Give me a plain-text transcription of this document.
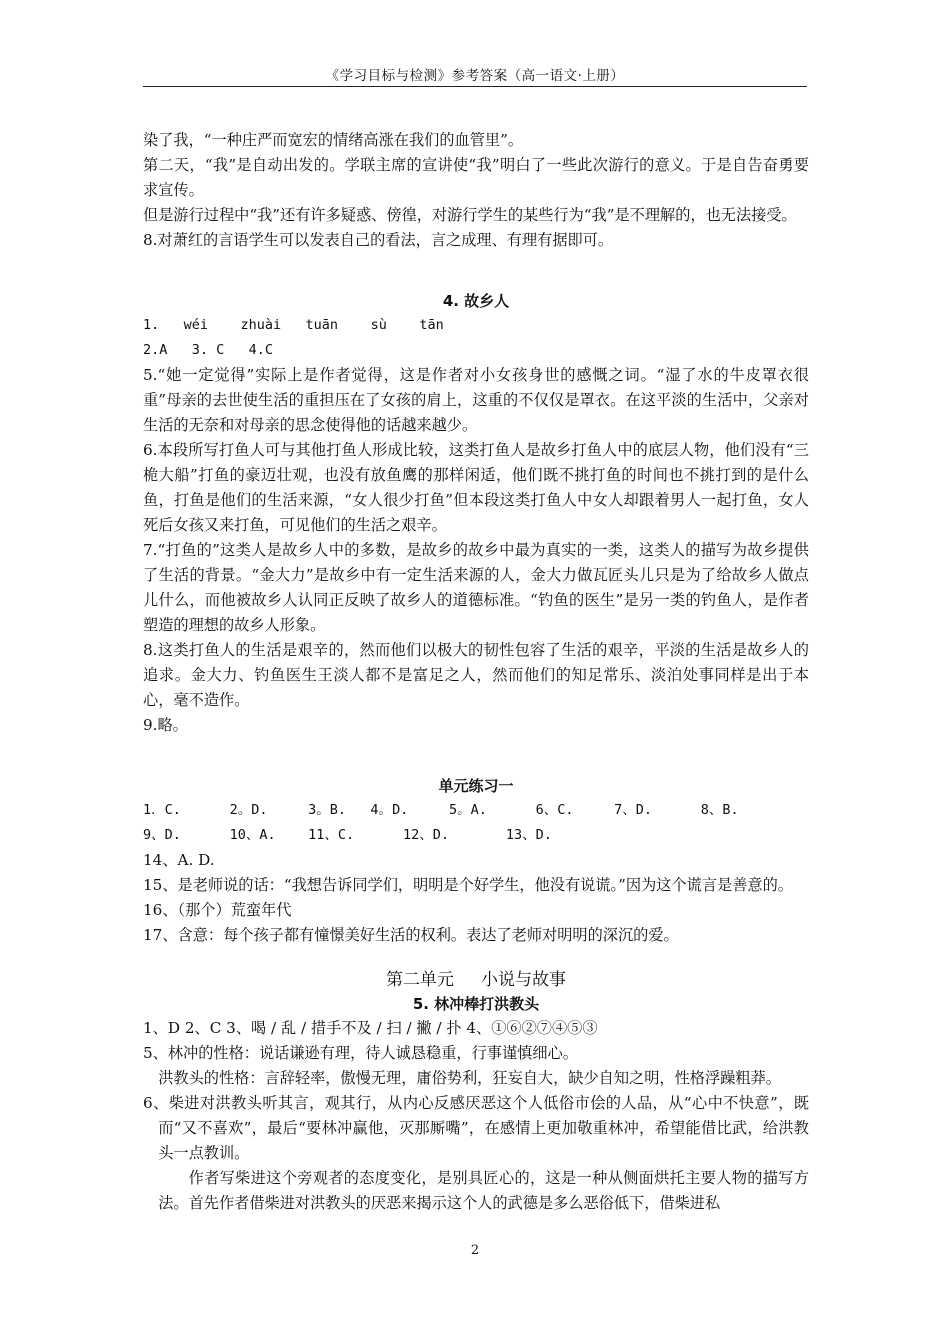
《学习目标与检测》参考答案（高一语文·上册）

染了我，“一种庄严而宽宏的情绪高涨在我们的血管里”。

第二天，“我”是自动出发的。学联主席的宣讲使“我”明白了一些此次游行的意义。于是自告奋勇要求宣传。

但是游行过程中“我”还有许多疑惑、傍徨，对游行学生的某些行为“我”是不理解的，也无法接受。

8.对萧红的言语学生可以发表自己的看法，言之成理、有理有据即可。

4. 故乡人

1.   wéi    zhuài   tuān    sù    tān

2.A   3. C   4.C

5.“她一定觉得”实际上是作者觉得，这是作者对小女孩身世的感慨之词。“湿了水的牛皮罩衣很重”母亲的去世使生活的重担压在了女孩的肩上，这重的不仅仅是罩衣。在这平淡的生活中，父亲对生活的无奈和对母亲的思念使得他的话越来越少。

6.本段所写打鱼人可与其他打鱼人形成比较，这类打鱼人是故乡打鱼人中的底层人物，他们没有“三桅大船”打鱼的豪迈壮观，也没有放鱼鹰的那样闲适，他们既不挑打鱼的时间也不挑打到的是什么鱼，打鱼是他们的生活来源，“女人很少打鱼”但本段这类打鱼人中女人却跟着男人一起打鱼，女人死后女孩又来打鱼，可见他们的生活之艰辛。

7.“打鱼的”这类人是故乡人中的多数，是故乡的故乡中最为真实的一类，这类人的描写为故乡提供了生活的背景。“金大力”是故乡中有一定生活来源的人，金大力做瓦匠头儿只是为了给故乡人做点儿什么，而他被故乡人认同正反映了故乡人的道德标准。“钓鱼的医生”是另一类的钓鱼人，是作者塑造的理想的故乡人形象。

8.这类打鱼人的生活是艰辛的，然而他们以极大的韧性包容了生活的艰辛，平淡的生活是故乡人的追求。金大力、钓鱼医生王淡人都不是富足之人，然而他们的知足常乐、淡泊处事同样是出于本心，毫不造作。

9.略。

单元练习一

1．C.      2。D.     3。B.   4。D.     5。A.      6、C.     7、D.      8、B.

9、D.      10、A.    11、C.      12、D.       13、D.

14、A. D.

15、是老师说的话：“我想告诉同学们，明明是个好学生，他没有说谎。”因为这个谎言是善意的。

16、（那个）荒蛮年代

17、含意：每个孩子都有憧憬美好生活的权利。表达了老师对明明的深沉的爱。

第二单元     小说与故事

5. 林冲棒打洪教头

1、D 2、C 3、喝 / 乱 / 措手不及 / 扫 / 撇 / 扑 4、①⑥②⑦④⑤③

5、林冲的性格：说话谦逊有理，待人诚恳稳重，行事谨慎细心。

洪教头的性格：言辞轻率，傲慢无理，庸俗势利，狂妄自大，缺少自知之明，性格浮躁粗莽。

6、柴进对洪教头听其言，观其行，从内心反感厌恶这个人低俗市侩的人品，从“心中不快意”，既而“又不喜欢”，最后“要林冲赢他，灭那厮嘴”，在感情上更加敬重林冲，希望能借比武，给洪教头一点教训。

作者写柴进这个旁观者的态度变化，是别具匠心的，这是一种从侧面烘托主要人物的描写方法。首先作者借柴进对洪教头的厌恶来揭示这个人的武德是多么恶俗低下，借柴进私

2
